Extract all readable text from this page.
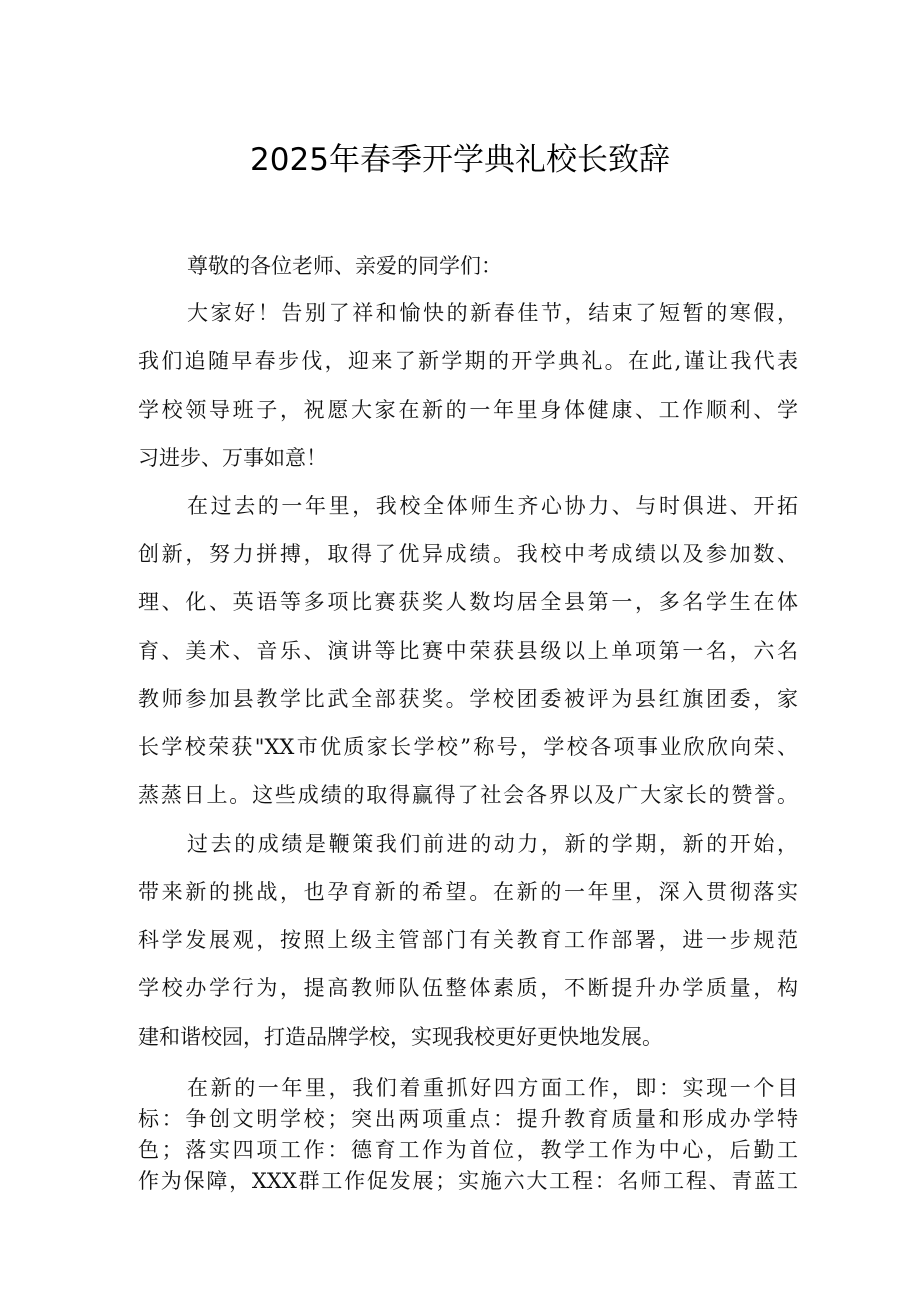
2025年春季开学典礼校长致辞
尊敬的各位老师、亲爱的同学们：
大家好！告别了祥和愉快的新春佳节，结束了短暂的寒假，
我们追随早春步伐，迎来了新学期的开学典礼。在此,谨让我代表
学校领导班子，祝愿大家在新的一年里身体健康、工作顺利、学
习进步、万事如意！
在过去的一年里，我校全体师生齐心协力、与时俱进、开拓
创新，努力拼搏，取得了优异成绩。我校中考成绩以及参加数、
理、化、英语等多项比赛获奖人数均居全县第一，多名学生在体
育、美术、音乐、演讲等比赛中荣获县级以上单项第一名，六名
教师参加县教学比武全部获奖。学校团委被评为县红旗团委，家
长学校荣获"XX市优质家长学校”称号，学校各项事业欣欣向荣、
蒸蒸日上。这些成绩的取得赢得了社会各界以及广大家长的赞誉。
过去的成绩是鞭策我们前进的动力，新的学期，新的开始，
带来新的挑战，也孕育新的希望。在新的一年里，深入贯彻落实
科学发展观，按照上级主管部门有关教育工作部署，进一步规范
学校办学行为，提高教师队伍整体素质，不断提升办学质量，构
建和谐校园，打造品牌学校，实现我校更好更快地发展。
在新的一年里，我们着重抓好四方面工作，即：实现一个目
标：争创文明学校；突出两项重点：提升教育质量和形成办学特
色；落实四项工作：德育工作为首位，教学工作为中心，后勤工
作为保障，XXX群工作促发展；实施六大工程：名师工程、青蓝工
